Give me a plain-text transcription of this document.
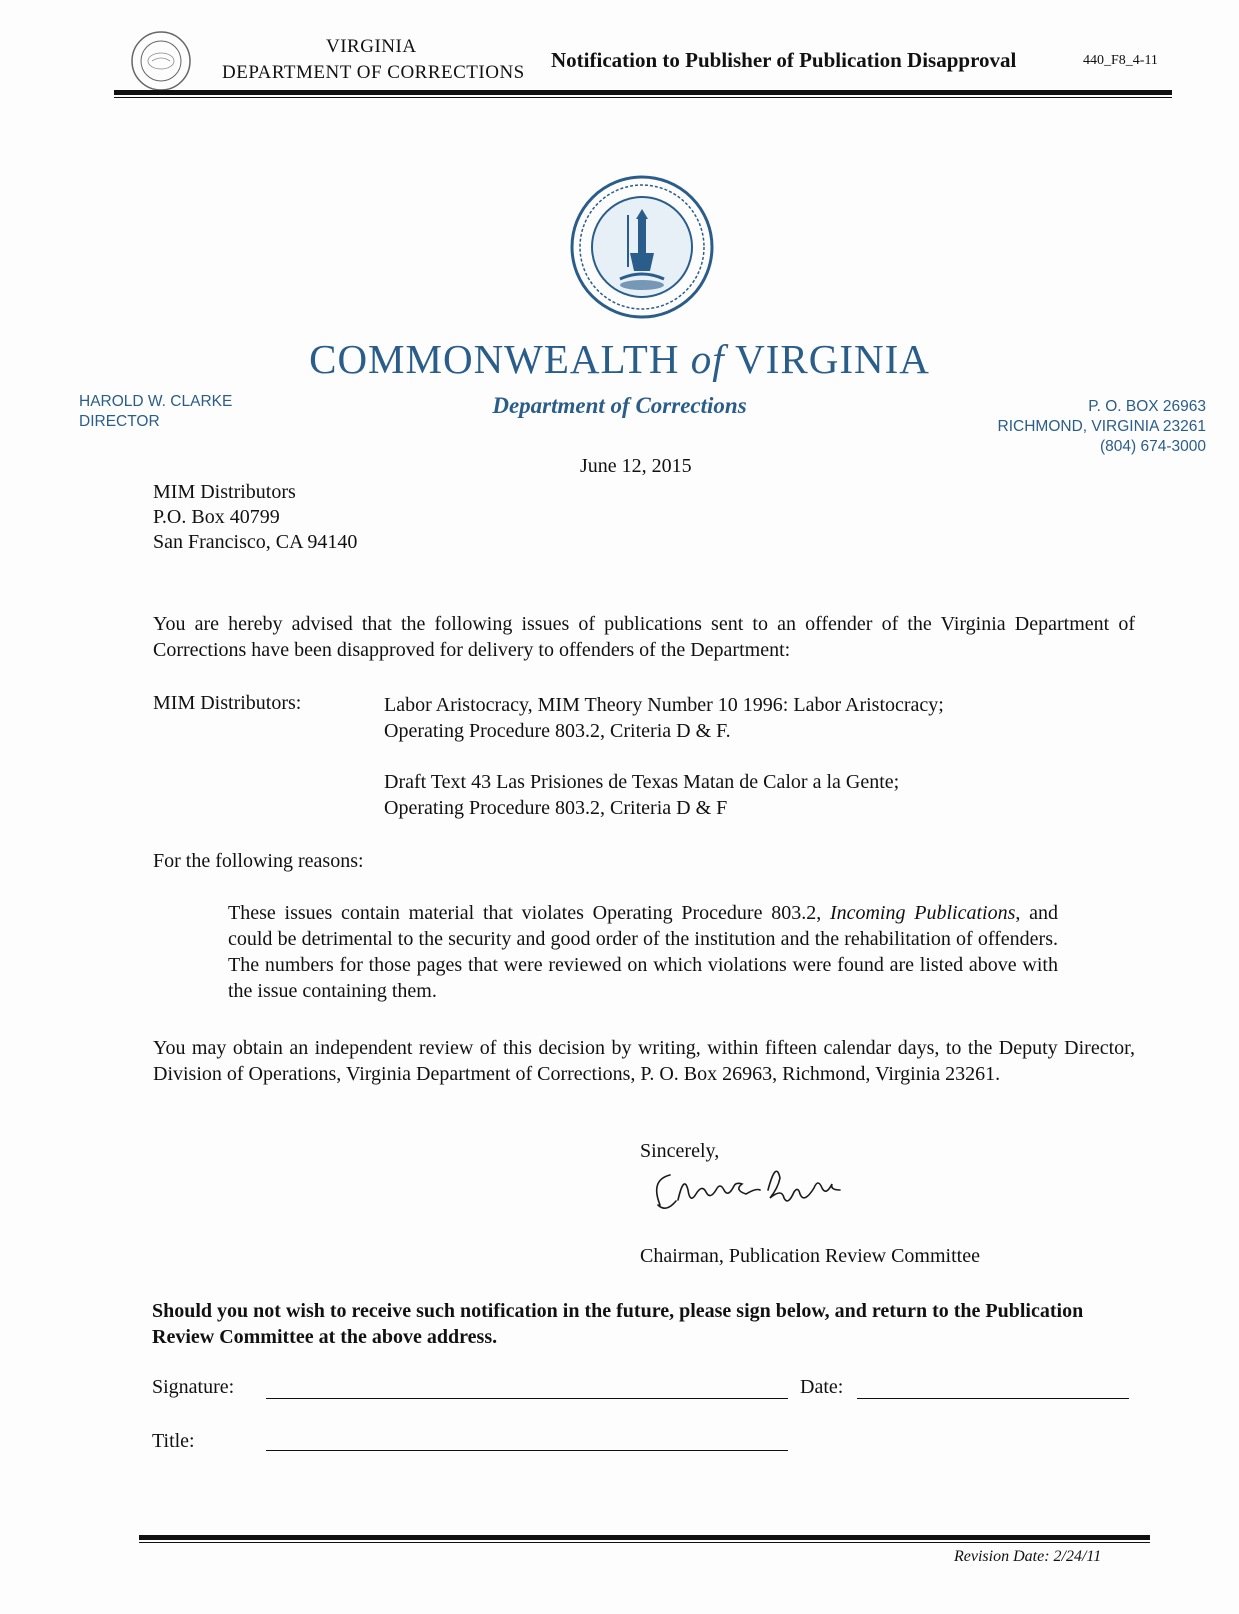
VIRGINIA
DEPARTMENT OF CORRECTIONS
Notification to Publisher of Publication Disapproval	440_F8_4-11
COMMONWEALTH of VIRGINIA
Department of Corrections
HAROLD W. CLARKE
DIRECTOR
P. O. BOX 26963
RICHMOND, VIRGINIA 23261
(804) 674-3000
June 12, 2015
MIM Distributors
P.O. Box 40799
San Francisco, CA 94140
You are hereby advised that the following issues of publications sent to an offender of the Virginia Department of Corrections have been disapproved for delivery to offenders of the Department:
MIM Distributors:	Labor Aristocracy, MIM Theory Number 10 1996: Labor Aristocracy;
Operating Procedure 803.2, Criteria D & F.
Draft Text 43 Las Prisiones de Texas Matan de Calor a la Gente;
Operating Procedure 803.2, Criteria D & F
For the following reasons:
These issues contain material that violates Operating Procedure 803.2, Incoming Publications, and could be detrimental to the security and good order of the institution and the rehabilitation of offenders. The numbers for those pages that were reviewed on which violations were found are listed above with the issue containing them.
You may obtain an independent review of this decision by writing, within fifteen calendar days, to the Deputy Director, Division of Operations, Virginia Department of Corrections, P. O. Box 26963, Richmond, Virginia 23261.
Sincerely,
Chairman, Publication Review Committee
Should you not wish to receive such notification in the future, please sign below, and return to the Publication Review Committee at the above address.
Signature:	Date:
Title:
Revision Date: 2/24/11
